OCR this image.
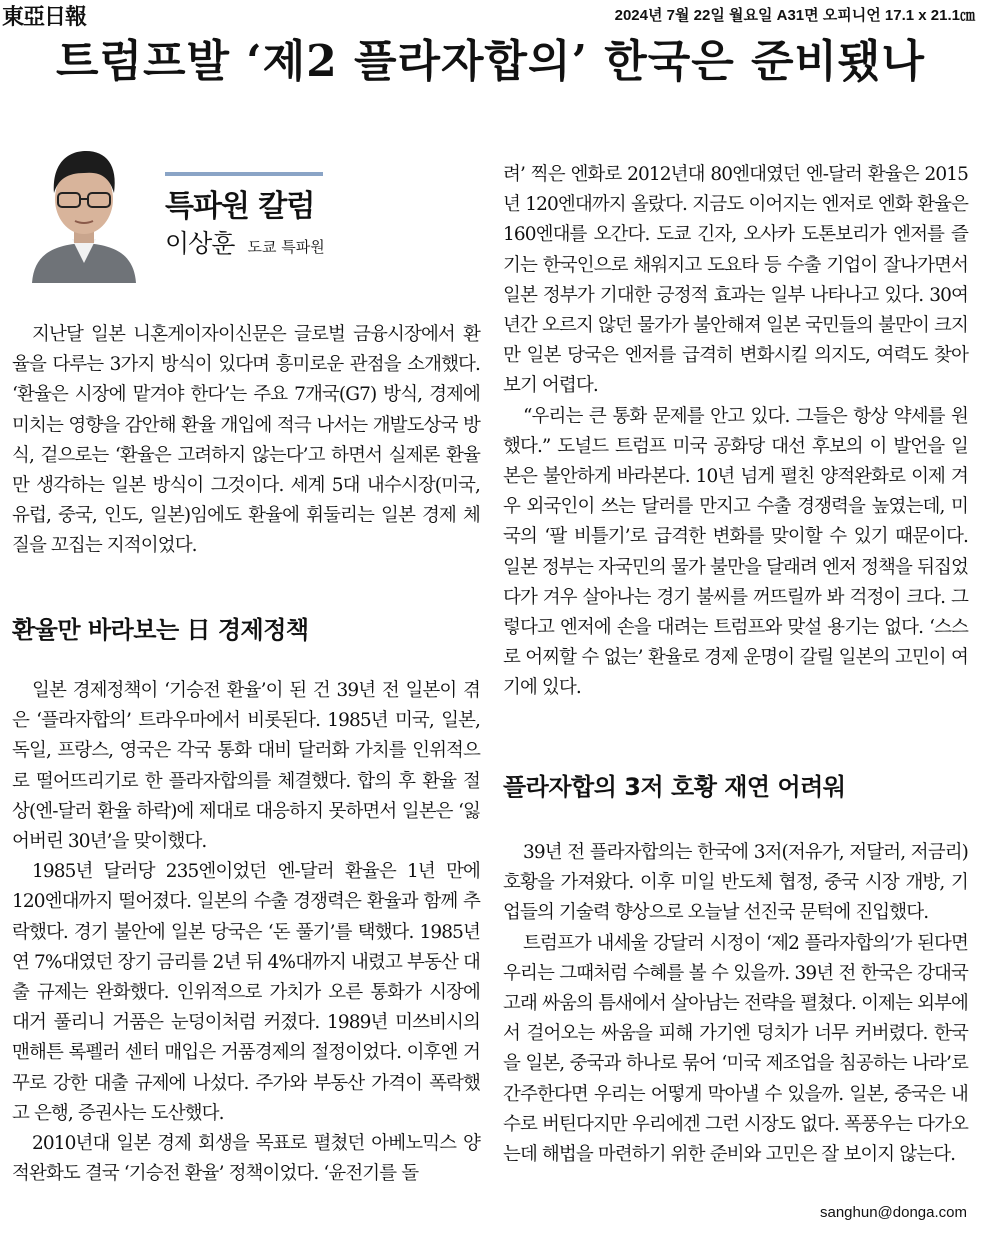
東亞日報	2024년 7월 22일 월요일 A31면 오피니언 17.1 x 21.1㎝
트럼프발 ‘제2 플라자합의’ 한국은 준비됐나
특파원 칼럼
이상훈 도쿄 특파원

지난달 일본 니혼게이자이신문은 글로벌 금융시장에서 환율을 다루는 3가지 방식이 있다며 흥미로운 관점을 소개했다. ‘환율은 시장에 맡겨야 한다’는 주요 7개국(G7) 방식, 경제에 미치는 영향을 감안해 환율 개입에 적극 나서는 개발도상국 방식, 겉으로는 ‘환율은 고려하지 않는다’고 하면서 실제론 환율만 생각하는 일본 방식이 그것이다. 세계 5대 내수시장(미국, 유럽, 중국, 인도, 일본)임에도 환율에 휘둘리는 일본 경제 체질을 꼬집는 지적이었다.

환율만 바라보는 日 경제정책

일본 경제정책이 ‘기승전 환율’이 된 건 39년 전 일본이 겪은 ‘플라자합의’ 트라우마에서 비롯된다. 1985년 미국, 일본, 독일, 프랑스, 영국은 각국 통화 대비 달러화 가치를 인위적으로 떨어뜨리기로 한 플라자합의를 체결했다. 합의 후 환율 절상(엔-달러 환율 하락)에 제대로 대응하지 못하면서 일본은 ‘잃어버린 30년’을 맞이했다.

1985년 달러당 235엔이었던 엔-달러 환율은 1년 만에 120엔대까지 떨어졌다. 일본의 수출 경쟁력은 환율과 함께 추락했다. 경기 불안에 일본 당국은 ‘돈 풀기’를 택했다. 1985년 연 7%대였던 장기 금리를 2년 뒤 4%대까지 내렸고 부동산 대출 규제는 완화했다. 인위적으로 가치가 오른 통화가 시장에 대거 풀리니 거품은 눈덩이처럼 커졌다. 1989년 미쓰비시의 맨해튼 록펠러 센터 매입은 거품경제의 절정이었다. 이후엔 거꾸로 강한 대출 규제에 나섰다. 주가와 부동산 가격이 폭락했고 은행, 증권사는 도산했다.

2010년대 일본 경제 회생을 목표로 펼쳤던 아베노믹스 양적완화도 결국 ‘기승전 환율’ 정책이었다. ‘윤전기를 돌

려’ 찍은 엔화로 2012년대 80엔대였던 엔-달러 환율은 2015년 120엔대까지 올랐다. 지금도 이어지는 엔저로 엔화 환율은 160엔대를 오간다. 도쿄 긴자, 오사카 도톤보리가 엔저를 즐기는 한국인으로 채워지고 도요타 등 수출 기업이 잘나가면서 일본 정부가 기대한 긍정적 효과는 일부 나타나고 있다. 30여 년간 오르지 않던 물가가 불안해져 일본 국민들의 불만이 크지만 일본 당국은 엔저를 급격히 변화시킬 의지도, 여력도 찾아보기 어렵다.

“우리는 큰 통화 문제를 안고 있다. 그들은 항상 약세를 원했다.” 도널드 트럼프 미국 공화당 대선 후보의 이 발언을 일본은 불안하게 바라본다. 10년 넘게 펼친 양적완화로 이제 겨우 외국인이 쓰는 달러를 만지고 수출 경쟁력을 높였는데, 미국의 ‘팔 비틀기’로 급격한 변화를 맞이할 수 있기 때문이다. 일본 정부는 자국민의 물가 불만을 달래려 엔저 정책을 뒤집었다가 겨우 살아나는 경기 불씨를 꺼뜨릴까 봐 걱정이 크다. 그렇다고 엔저에 손을 대려는 트럼프와 맞설 용기는 없다. ‘스스로 어찌할 수 없는’ 환율로 경제 운명이 갈릴 일본의 고민이 여기에 있다.

플라자합의 3저 호황 재연 어려워

39년 전 플라자합의는 한국에 3저(저유가, 저달러, 저금리) 호황을 가져왔다. 이후 미일 반도체 협정, 중국 시장 개방, 기업들의 기술력 향상으로 오늘날 선진국 문턱에 진입했다.

트럼프가 내세울 강달러 시정이 ‘제2 플라자합의’가 된다면 우리는 그때처럼 수혜를 볼 수 있을까. 39년 전 한국은 강대국 고래 싸움의 틈새에서 살아남는 전략을 펼쳤다. 이제는 외부에서 걸어오는 싸움을 피해 가기엔 덩치가 너무 커버렸다. 한국을 일본, 중국과 하나로 묶어 ‘미국 제조업을 침공하는 나라’로 간주한다면 우리는 어떻게 막아낼 수 있을까. 일본, 중국은 내수로 버틴다지만 우리에겐 그런 시장도 없다. 폭풍우는 다가오는데 해법을 마련하기 위한 준비와 고민은 잘 보이지 않는다.

sanghun@donga.com
